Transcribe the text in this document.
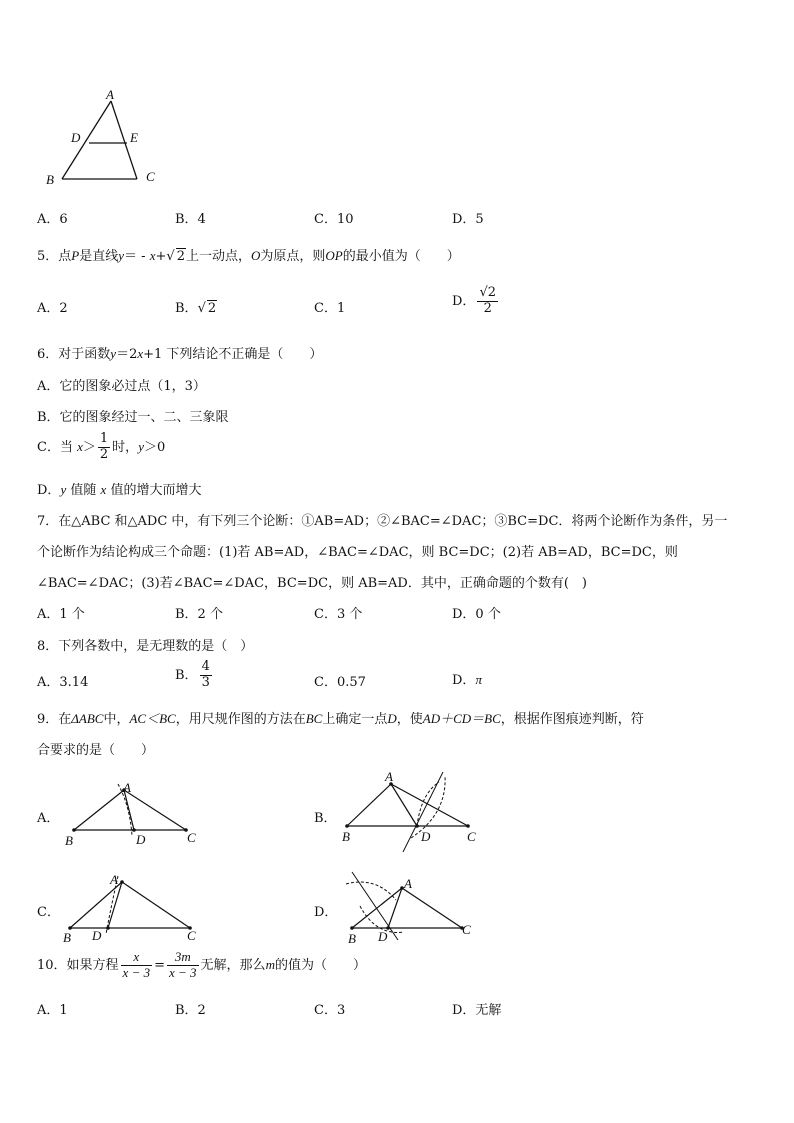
A
D	E
B	C
A．6	B．4	C．10	D．5
5．点P是直线y＝ - x+√ 2上一动点，O为原点，则OP的最小值为（　　）
A．2	B．√ 2	C．1	D． $\frac{√2}{2}$
6．对于函数y＝2x+1 下列结论不正确是（　　）
A．它的图象必过点（1，3）
B．它的图象经过一、二、三象限
C．当 $x> \frac{1}{2}$ 时，y＞0
D．y 值随 x 值的增大而增大
7．在△ABC 和△ADC 中，有下列三个论断：①AB=AD；②∠BAC=∠DAC；③BC=DC．将两个论断作为条件，另一
个论断作为结论构成三个命题：(1)若 AB=AD，∠BAC=∠DAC，则 BC=DC；(2)若 AB=AD，BC=DC，则
∠BAC=∠DAC；(3)若∠BAC=∠DAC，BC=DC，则 AB=AD．其中，正确命题的个数有(　)
A．1 个	B．2 个	C．3 个	D．0 个
8．下列各数中，是无理数的是（　）
A．3.14	B． $\frac{4}{3}$	C．0.57	D．π
9．在ΔABC中，AC＜BC，用尺规作图的方法在BC上确定一点D，使AD＋CD＝BC，根据作图痕迹判断，符
合要求的是（　　）
A．
A
B	D	C
B．
A
B	D	C
C．
A
B D	C
D．
A
B D	C
10．如果方程 $\frac{x}{x - 3} = \frac{3m}{x - 3}$ 无解，那么m的值为（　　）
A．1	B．2	C．3	D．无解
